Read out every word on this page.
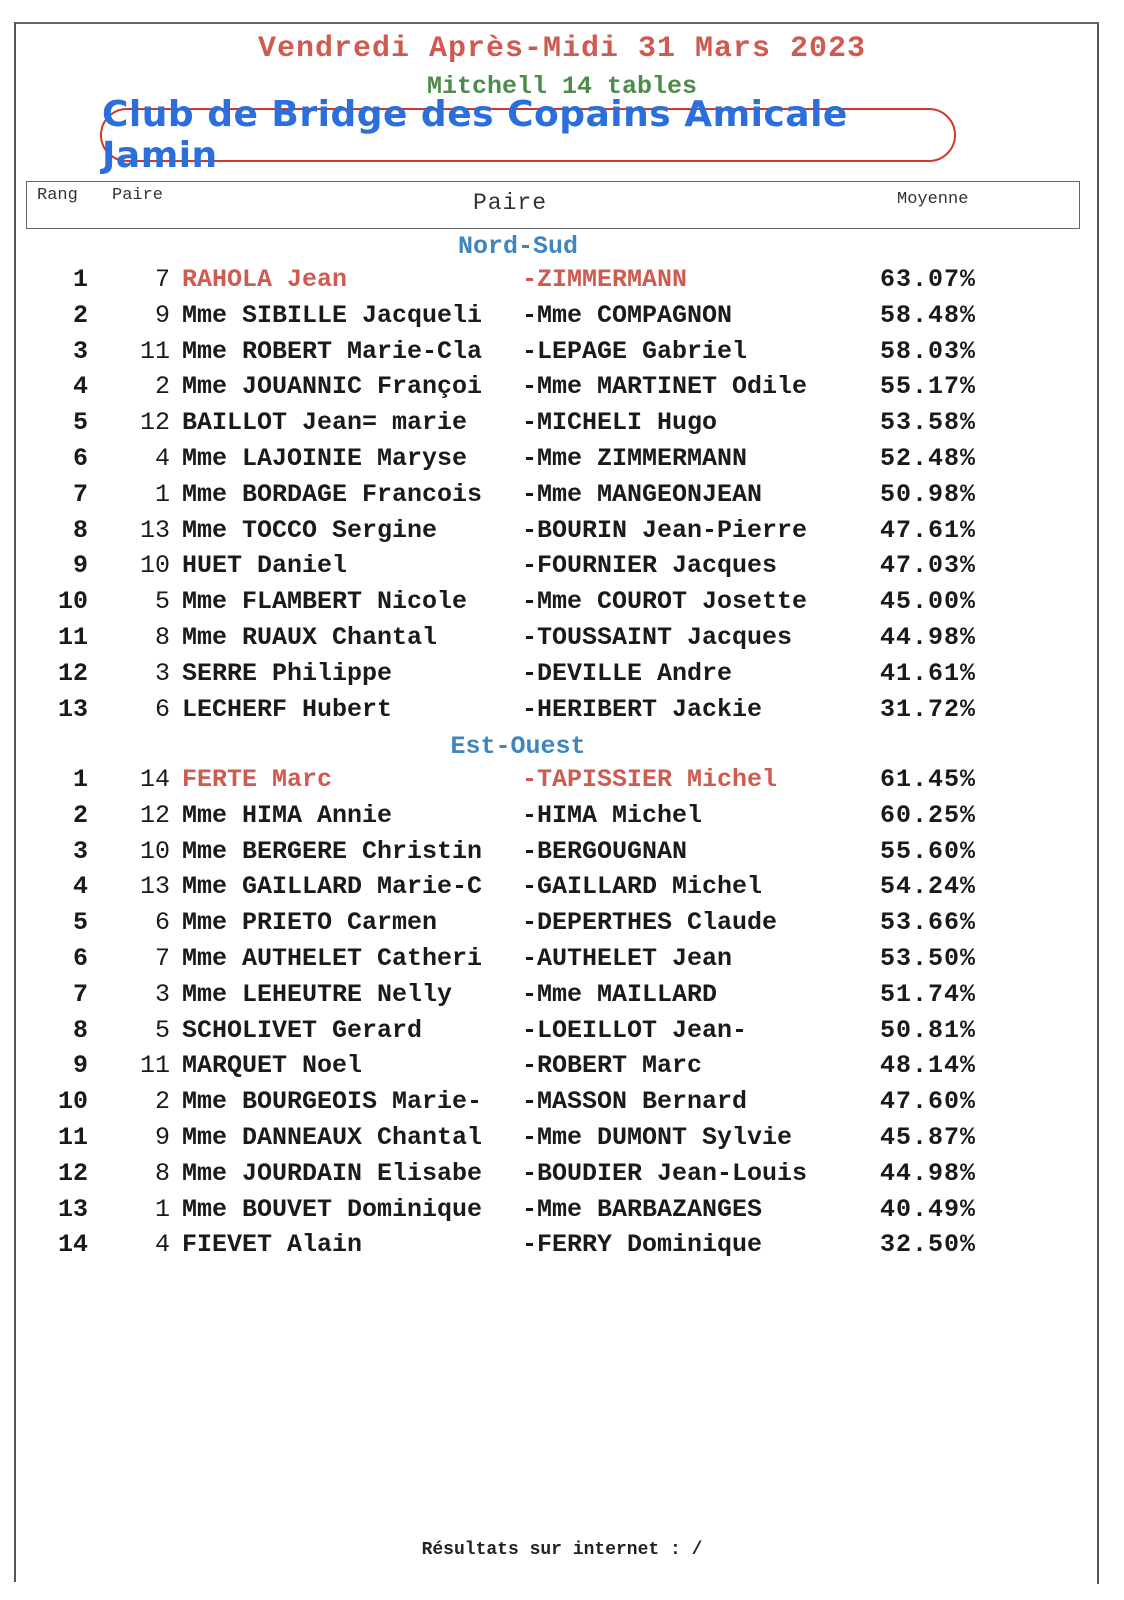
Vendredi Après-Midi 31 Mars 2023
Mitchell 14 tables
Club de Bridge des Copains Amicale Jamin
Rang Paire	Paire	Moyenne
Nord-Sud
1	7 RAHOLA Jean	-ZIMMERMANN	63.07%
2	9 Mme SIBILLE Jacqueli -Mme COMPAGNON	58.48%
3	11 Mme ROBERT Marie-Cla -LEPAGE Gabriel	58.03%
4	2 Mme JOUANNIC Françoi -Mme MARTINET Odile	55.17%
5	12 BAILLOT Jean= marie -MICHELI Hugo	53.58%
6	4 Mme LAJOINIE Maryse -Mme ZIMMERMANN	52.48%
7	1 Mme BORDAGE Francois -Mme MANGEONJEAN	50.98%
8	13 Mme TOCCO Sergine	-BOURIN Jean-Pierre	47.61%
9	10 HUET Daniel	-FOURNIER Jacques	47.03%
10	5 Mme FLAMBERT Nicole -Mme COUROT Josette	45.00%
11	8 Mme RUAUX Chantal	-TOUSSAINT Jacques	44.98%
12	3 SERRE Philippe	-DEVILLE Andre	41.61%
13	6 LECHERF Hubert	-HERIBERT Jackie	31.72%
Est-Ouest
1	14 FERTE Marc	-TAPISSIER Michel	61.45%
2	12 Mme HIMA Annie	-HIMA Michel	60.25%
3	10 Mme BERGERE Christin -BERGOUGNAN	55.60%
4	13 Mme GAILLARD Marie-C -GAILLARD Michel	54.24%
5	6 Mme PRIETO Carmen	-DEPERTHES Claude	53.66%
6	7 Mme AUTHELET Catheri -AUTHELET Jean	53.50%
7	3 Mme LEHEUTRE Nelly	-Mme MAILLARD	51.74%
8	5 SCHOLIVET Gerard	-LOEILLOT Jean-	50.81%
9	11 MARQUET Noel	-ROBERT Marc	48.14%
10	2 Mme BOURGEOIS Marie- -MASSON Bernard	47.60%
11	9 Mme DANNEAUX Chantal -Mme DUMONT Sylvie	45.87%
12	8 Mme JOURDAIN Elisabe -BOUDIER Jean-Louis	44.98%
13	1 Mme BOUVET Dominique -Mme BARBAZANGES	40.49%
14	4 FIEVET Alain	-FERRY Dominique	32.50%
Résultats sur internet : /
